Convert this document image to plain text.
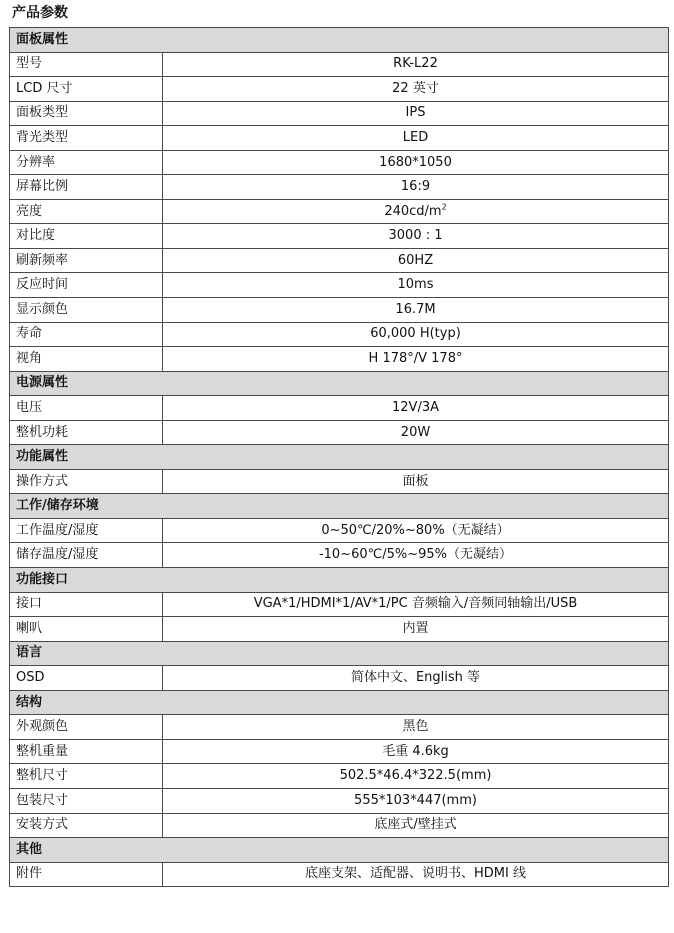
产品参数
面板属性	
型号	RK-L22
LCD 尺寸	22 英寸
面板类型	IPS
背光类型	LED
分辨率	1680*1050
屏幕比例	16:9
亮度	$240cd/m^2$
对比度	3000 : 1
刷新频率	60HZ
反应时间	10ms
显示颜色	16.7M
寿命	60,000 H(typ)
视角	H 178°/V 178°
电源属性	
电压	12V/3A
整机功耗	20W
功能属性	
操作方式	面板
工作/储存环境	
工作温度/湿度	0~50℃/20%~80%（无凝结）
储存温度/湿度	-10~60℃/5%~95%（无凝结）
功能接口	
接口	VGA*1/HDMI*1/AV*1/PC 音频输入/音频同轴输出/USB
喇叭	内置
语言	
OSD	简体中文、English 等
结构	
外观颜色	黑色
整机重量	毛重 4.6kg
整机尺寸	502.5*46.4*322.5(mm)
包装尺寸	555*103*447(mm)
安装方式	底座式/壁挂式
其他	
附件	底座支架、适配器、说明书、HDMI 线
